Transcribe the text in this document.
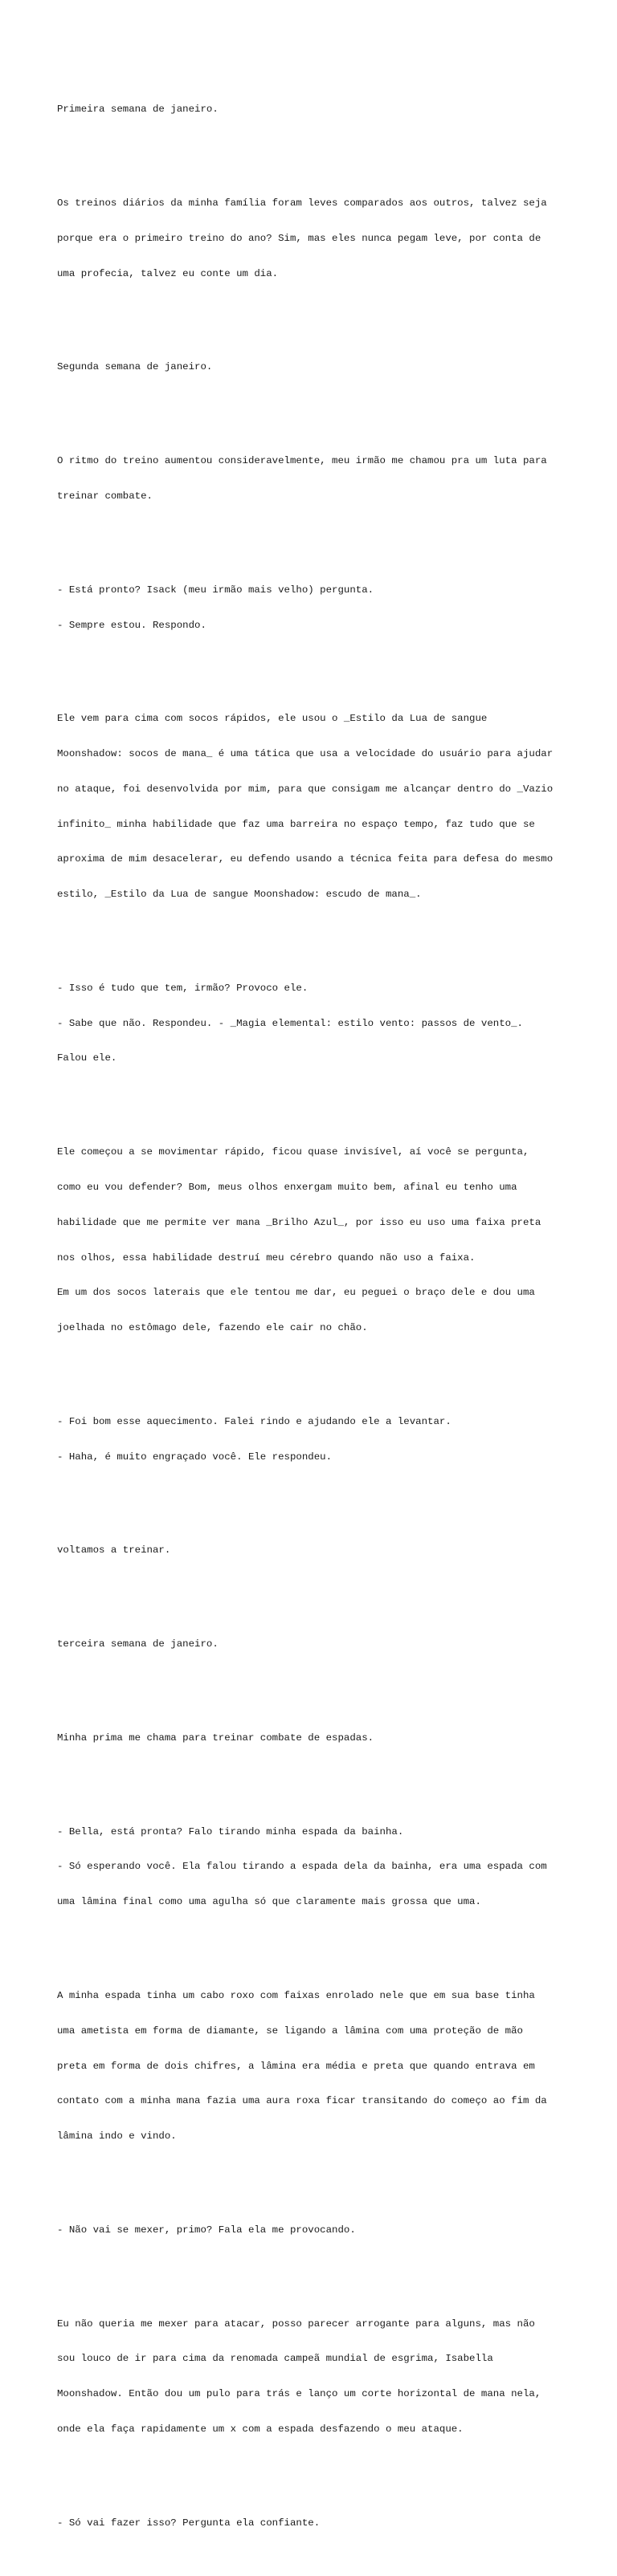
Primeira semana de janeiro.

Os treinos diários da minha família foram leves comparados aos outros, talvez seja

porque era o primeiro treino do ano? Sim, mas eles nunca pegam leve, por conta de

uma profecia, talvez eu conte um dia.

Segunda semana de janeiro.

O ritmo do treino aumentou consideravelmente, meu irmão me chamou pra um luta para

treinar combate.

- Está pronto? Isack (meu irmão mais velho) pergunta.

- Sempre estou. Respondo.

Ele vem para cima com socos rápidos, ele usou o _Estilo da Lua de sangue

Moonshadow: socos de mana_ é uma tática que usa a velocidade do usuário para ajudar

no ataque, foi desenvolvida por mim, para que consigam me alcançar dentro do _Vazio

infinito_ minha habilidade que faz uma barreira no espaço tempo, faz tudo que se

aproxima de mim desacelerar, eu defendo usando a técnica feita para defesa do mesmo

estilo, _Estilo da Lua de sangue Moonshadow: escudo de mana_.

- Isso é tudo que tem, irmão? Provoco ele.

- Sabe que não. Respondeu. - _Magia elemental: estilo vento: passos de vento_.

Falou ele.

Ele começou a se movimentar rápido, ficou quase invisível, aí você se pergunta,

como eu vou defender? Bom, meus olhos enxergam muito bem, afinal eu tenho uma

habilidade que me permite ver mana _Brilho Azul_, por isso eu uso uma faixa preta

nos olhos, essa habilidade destruí meu cérebro quando não uso a faixa.

Em um dos socos laterais que ele tentou me dar, eu peguei o braço dele e dou uma

joelhada no estômago dele, fazendo ele cair no chão.

- Foi bom esse aquecimento. Falei rindo e ajudando ele a levantar.

- Haha, é muito engraçado você. Ele respondeu.

voltamos a treinar.

terceira semana de janeiro.

Minha prima me chama para treinar combate de espadas.

- Bella, está pronta? Falo tirando minha espada da bainha.

- Só esperando você. Ela falou tirando a espada dela da bainha, era uma espada com

uma lâmina final como uma agulha só que claramente mais grossa que uma.

A minha espada tinha um cabo roxo com faixas enrolado nele que em sua base tinha

uma ametista em forma de diamante, se ligando a lâmina com uma proteção de mão

preta em forma de dois chifres, a lâmina era média e preta que quando entrava em

contato com a minha mana fazia uma aura roxa ficar transitando do começo ao fim da

lâmina indo e vindo.

- Não vai se mexer, primo? Fala ela me provocando.

Eu não queria me mexer para atacar, posso parecer arrogante para alguns, mas não

sou louco de ir para cima da renomada campeã mundial de esgrima, Isabella

Moonshadow. Então dou um pulo para trás e lanço um corte horizontal de mana nela,

onde ela faça rapidamente um x com a espada desfazendo o meu ataque.

- Só vai fazer isso? Pergunta ela confiante.
